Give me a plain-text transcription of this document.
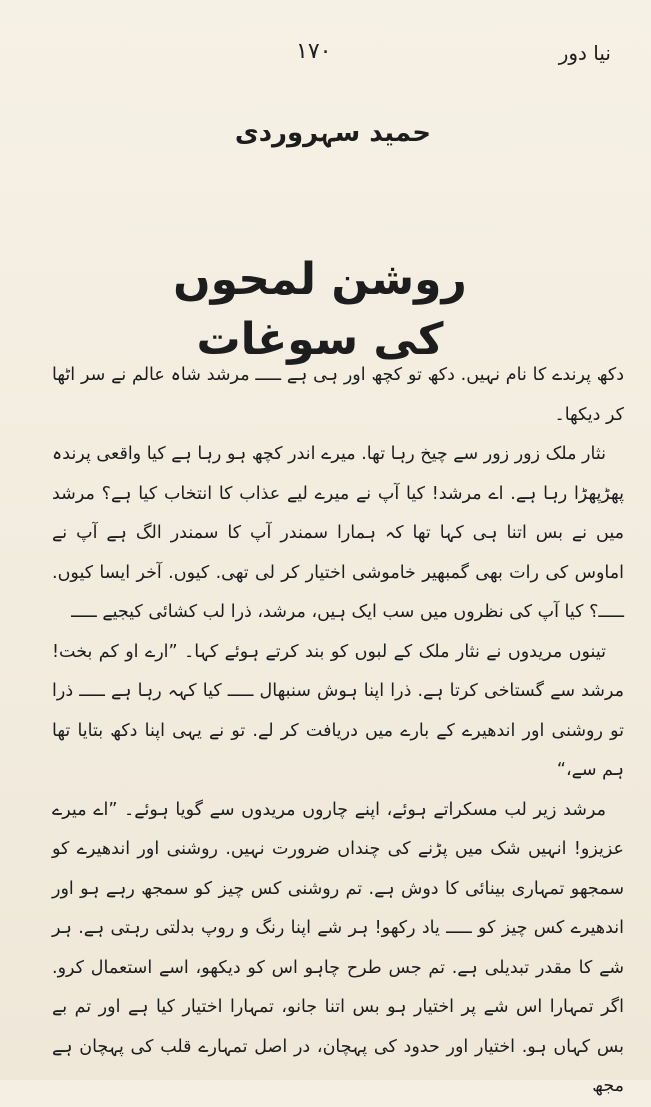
۱۷۰	نیا دور
حمید سہروردی
روشن لمحوں کی سوغات

دکھ پرندے کا نام نہیں. دکھ تو کچھ اور ہی ہے ـــــ مرشد شاہ عالم نے سر اٹھا کر دیکھا۔

نثار ملک زور زور سے چیخ رہا تھا. میرے اندر کچھ ہو رہا ہے کیا واقعی پرندہ پھڑپھڑا رہا ہے. اے مرشد! کیا آپ نے میرے لیے عذاب کا انتخاب کیا ہے؟ مرشد میں نے بس اتنا ہی کہا تھا کہ ہمارا سمندر آپ کا سمندر الگ ہے آپ نے اماوس کی رات بھی گمبھیر خاموشی اختیار کر لی تھی. کیوں. آخر ایسا کیوں. ـــــ؟ کیا آپ کی نظروں میں سب ایک ہیں، مرشد، ذرا لب کشائی کیجیے ـــــ

تینوں مریدوں نے نثار ملک کے لبوں کو بند کرتے ہوئے کہا۔ ”ارے او کم بخت! مرشد سے گستاخی کرتا ہے. ذرا اپنا ہوش سنبھال ـــــ کیا کہہ رہا ہے ـــــ ذرا تو روشنی اور اندھیرے کے بارے میں دریافت کر لے. تو نے یہی اپنا دکھ بتایا تھا ہم سے،“

مرشد زیر لب مسکراتے ہوئے، اپنے چاروں مریدوں سے گویا ہوئے۔ ”اے میرے عزیزو! انہیں شک میں پڑنے کی چنداں ضرورت نہیں. روشنی اور اندھیرے کو سمجھو تمہاری بینائی کا دوش ہے. تم روشنی کس چیز کو سمجھ رہے ہو اور اندھیرے کس چیز کو ـــــ یاد رکھو! ہر شے اپنا رنگ و روپ بدلتی رہتی ہے. ہر شے کا مقدر تبدیلی ہے. تم جس طرح چاہو اس کو دیکھو، اسے استعمال کرو. اگر تمہارا اس شے پر اختیار ہو بس اتنا جانو، تمہارا اختیار کیا ہے اور تم بے بس کہاں ہو. اختیار اور حدود کی پہچان، در اصل تمہارے قلب کی پہچان ہے مجھ
